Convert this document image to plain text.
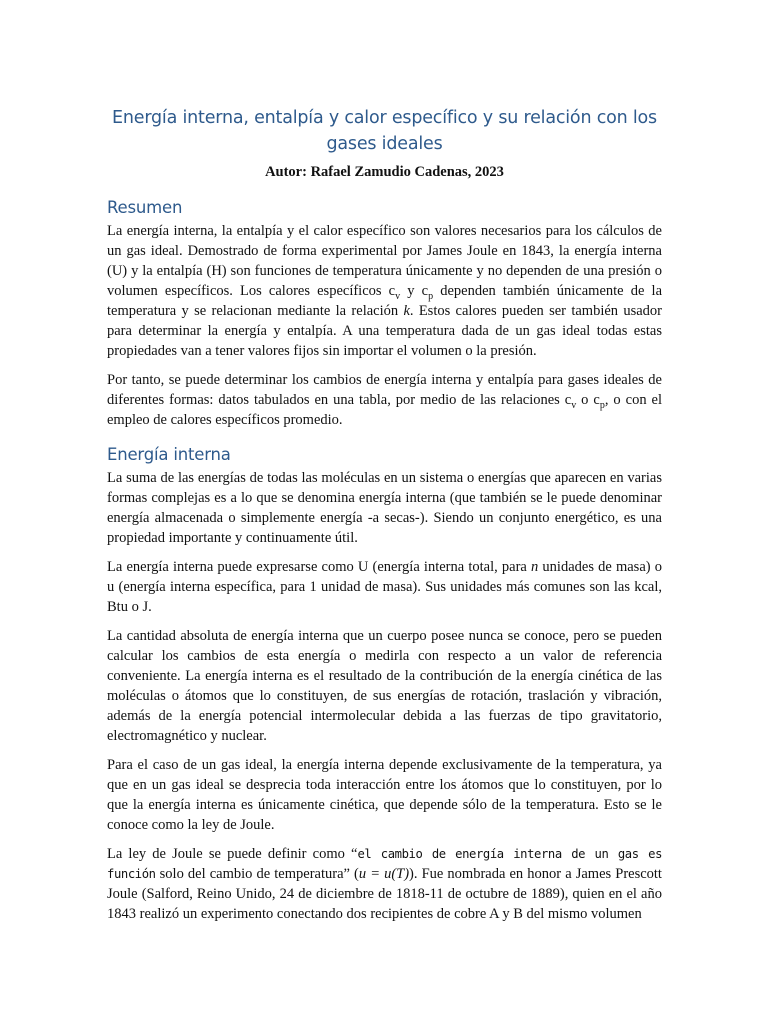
Energía interna, entalpía y calor específico y su relación con los gases ideales
Autor: Rafael Zamudio Cadenas, 2023
Resumen

La energía interna, la entalpía y el calor específico son valores necesarios para los cálculos de un gas ideal. Demostrado de forma experimental por James Joule en 1843, la energía interna (U) y la entalpía (H) son funciones de temperatura únicamente y no dependen de una presión o volumen específicos. Los calores específicos $c_v$ y $c_p$ dependen también únicamente de la temperatura y se relacionan mediante la relación k. Estos calores pueden ser también usador para determinar la energía y entalpía. A una temperatura dada de un gas ideal todas estas propiedades van a tener valores fijos sin importar el volumen o la presión.

Por tanto, se puede determinar los cambios de energía interna y entalpía para gases ideales de diferentes formas: datos tabulados en una tabla, por medio de las relaciones $c_v$ o $c_p$, o con el empleo de calores específicos promedio.

Energía interna

La suma de las energías de todas las moléculas en un sistema o energías que aparecen en varias formas complejas es a lo que se denomina energía interna (que también se le puede denominar energía almacenada o simplemente energía -a secas-). Siendo un conjunto energético, es una propiedad importante y continuamente útil.

La energía interna puede expresarse como U (energía interna total, para n unidades de masa) o u (energía interna específica, para 1 unidad de masa). Sus unidades más comunes son las kcal, Btu o J.

La cantidad absoluta de energía interna que un cuerpo posee nunca se conoce, pero se pueden calcular los cambios de esta energía o medirla con respecto a un valor de referencia conveniente. La energía interna es el resultado de la contribución de la energía cinética de las moléculas o átomos que lo constituyen, de sus energías de rotación, traslación y vibración, además de la energía potencial intermolecular debida a las fuerzas de tipo gravitatorio, electromagnético y nuclear.

Para el caso de un gas ideal, la energía interna depende exclusivamente de la temperatura, ya que en un gas ideal se desprecia toda interacción entre los átomos que lo constituyen, por lo que la energía interna es únicamente cinética, que depende sólo de la temperatura. Esto se le conoce como la ley de Joule.

La ley de Joule se puede definir como “el cambio de energía interna de un gas es función solo del cambio de temperatura” (u = u(T)). Fue nombrada en honor a James Prescott Joule (Salford, Reino Unido, 24 de diciembre de 1818-11 de octubre de 1889), quien en el año 1843 realizó un experimento conectando dos recipientes de cobre A y B del mismo volumen
